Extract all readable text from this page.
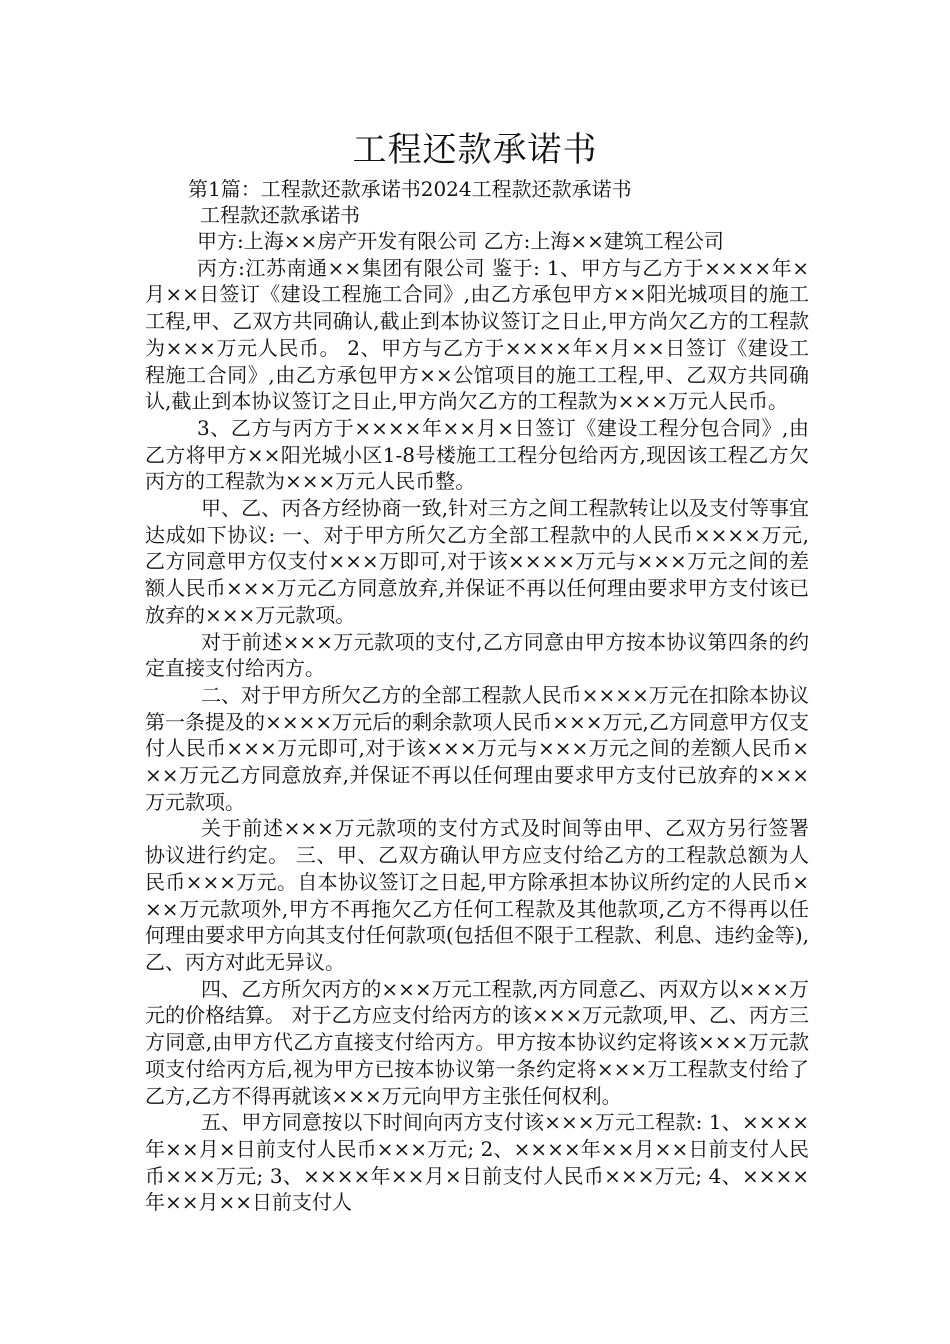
工程还款承诺书
第1篇：工程款还款承诺书2024工程款还款承诺书
工程款还款承诺书

甲方:上海××房产开发有限公司 乙方:上海××建筑工程公司

丙方:江苏南通××集团有限公司 鉴于: 1、甲方与乙方于××××年×月××日签订《建设工程施工合同》,由乙方承包甲方××阳光城项目的施工工程,甲、乙双方共同确认,截止到本协议签订之日止,甲方尚欠乙方的工程款为×××万元人民币。 2、甲方与乙方于××××年×月××日签订《建设工程施工合同》,由乙方承包甲方××公馆项目的施工工程,甲、乙双方共同确认,截止到本协议签订之日止,甲方尚欠乙方的工程款为×××万元人民币。

3、乙方与丙方于××××年××月×日签订《建设工程分包合同》,由乙方将甲方××阳光城小区1-8号楼施工工程分包给丙方,现因该工程乙方欠丙方的工程款为×××万元人民币整。

甲、乙、丙各方经协商一致,针对三方之间工程款转让以及支付等事宜达成如下协议: 一、对于甲方所欠乙方全部工程款中的人民币××××万元,乙方同意甲方仅支付×××万即可,对于该××××万元与×××万元之间的差额人民币×××万元乙方同意放弃,并保证不再以任何理由要求甲方支付该已放弃的×××万元款项。

对于前述×××万元款项的支付,乙方同意由甲方按本协议第四条的约定直接支付给丙方。

二、对于甲方所欠乙方的全部工程款人民币××××万元在扣除本协议第一条提及的××××万元后的剩余款项人民币×××万元,乙方同意甲方仅支付人民币×××万元即可,对于该×××万元与×××万元之间的差额人民币×××万元乙方同意放弃,并保证不再以任何理由要求甲方支付已放弃的×××万元款项。

关于前述×××万元款项的支付方式及时间等由甲、乙双方另行签署协议进行约定。 三、甲、乙双方确认甲方应支付给乙方的工程款总额为人民币×××万元。自本协议签订之日起,甲方除承担本协议所约定的人民币×××万元款项外,甲方不再拖欠乙方任何工程款及其他款项,乙方不得再以任何理由要求甲方向其支付任何款项(包括但不限于工程款、利息、违约金等),乙、丙方对此无异议。

四、乙方所欠丙方的×××万元工程款,丙方同意乙、丙双方以×××万元的价格结算。 对于乙方应支付给丙方的该×××万元款项,甲、乙、丙方三方同意,由甲方代乙方直接支付给丙方。甲方按本协议约定将该×××万元款项支付给丙方后,视为甲方已按本协议第一条约定将×××万工程款支付给了乙方,乙方不得再就该×××万元向甲方主张任何权利。

五、甲方同意按以下时间向丙方支付该×××万元工程款: 1、××××年××月×日前支付人民币×××万元; 2、××××年××月××日前支付人民币×××万元; 3、××××年××月×日前支付人民币×××万元; 4、××××年××月××日前支付人
